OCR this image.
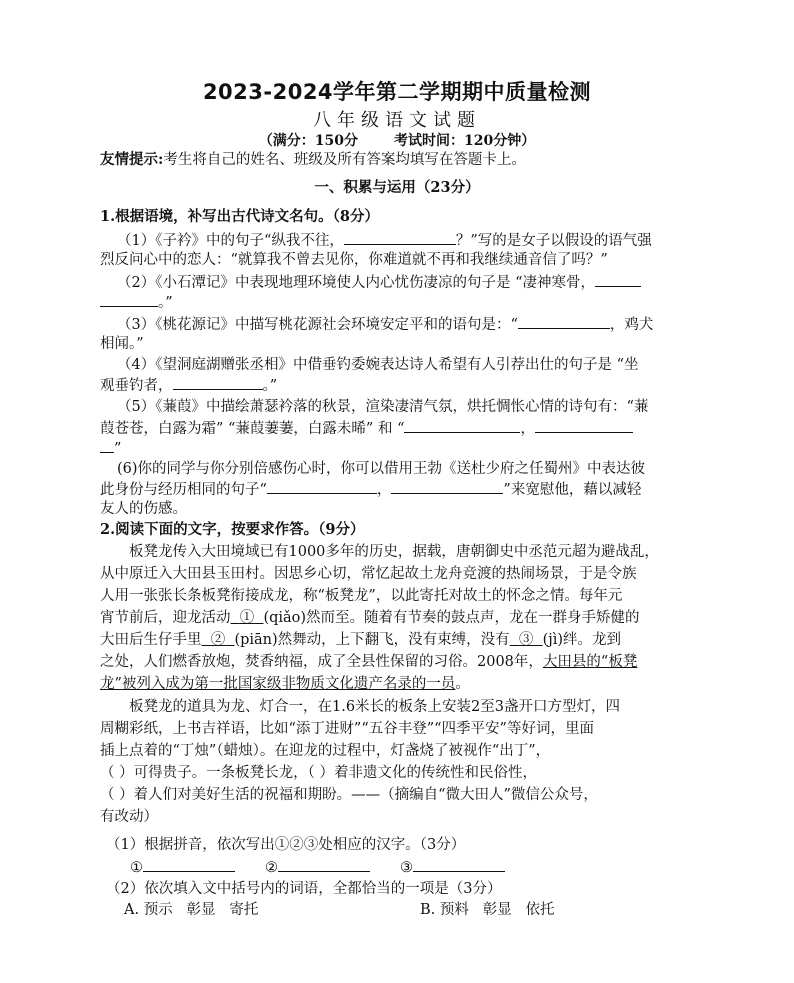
2023-2024学年第二学期期中质量检测
八年级语文试题
（满分：150分	考试时间：120分钟）
友情提示:考生将自己的姓名、班级及所有答案均填写在答题卡上。
一、积累与运用（23分）
1.根据语境，补写出古代诗文名句。（8分）
（1）《子衿》中的句子“纵我不往，	？”写的是女子以假设的语气强
烈反问心中的恋人：“就算我不曾去见你，你难道就不再和我继续通音信了吗？”
（2）《小石潭记》中表现地理环境使人内心忧伤凄凉的句子是 “凄神寒骨，
。”
（3）《桃花源记》中描写桃花源社会环境安定平和的语句是：“	，鸡犬
相闻。”
（4）《望洞庭湖赠张丞相》中借垂钓委婉表达诗人希望有人引荐出仕的句子是 “坐
观垂钓者，	。”
（5）《蒹葭》中描绘萧瑟衿落的秋景，渲染凄清气氛，烘托惆怅心情的诗句有：“蒹
葭苍苍，白露为霜” “蒹葭萋萋，白露未晞” 和 “	，
”
(6)你的同学与你分别倍感伤心时，你可以借用王勃《送杜少府之任蜀州》中表达彼
此身份与经历相同的句子“	，	”来宽慰他，藉以减轻
友人的伤感。
2.阅读下面的文字，按要求作答。（9分）
板凳龙传入大田境域已有1000多年的历史，据载，唐朝御史中丞范元超为避战乱，
从中原迁入大田县玉田村。因思乡心切，常忆起故土龙舟竞渡的热闹场景，于是令族
人用一张张长条板凳衔接成龙，称“板凳龙”，以此寄托对故土的怀念之情。每年元
宵节前后，迎龙活动 ① (qiǎo)然而至。随着有节奏的鼓点声，龙在一群身手矫健的
大田后生仔手里 ② (piān)然舞动，上下翻飞，没有束缚，没有 ③ (jì)绊。龙到
之处，人们燃香放炮，焚香纳福，成了全县性保留的习俗。2008年，大田县的“板凳
龙”被列入成为第一批国家级非物质文化遗产名录的一员。
板凳龙的道具为龙、灯合一，在1.6米长的板条上安装2至3盏开口方型灯，四
周糊彩纸，上书吉祥语，比如“添丁进财”“五谷丰登”“四季平安”等好词，里面
插上点着的“丁烛”（蜡烛）。在迎龙的过程中，灯盏烧了被视作“出丁”，
（ ）可得贵子。一条板凳长龙，（ ）着非遗文化的传统性和民俗性，
（ ）着人们对美好生活的祝福和期盼。——（摘编自“微大田人”微信公众号，
有改动）
（1）根据拼音，依次写出①②③处相应的汉字。（3分）
①	②	③
（2）依次填入文中括号内的词语，全都恰当的一项是（3分）
A. 预示   彰显   寄托	B. 预料   彰显   依托
